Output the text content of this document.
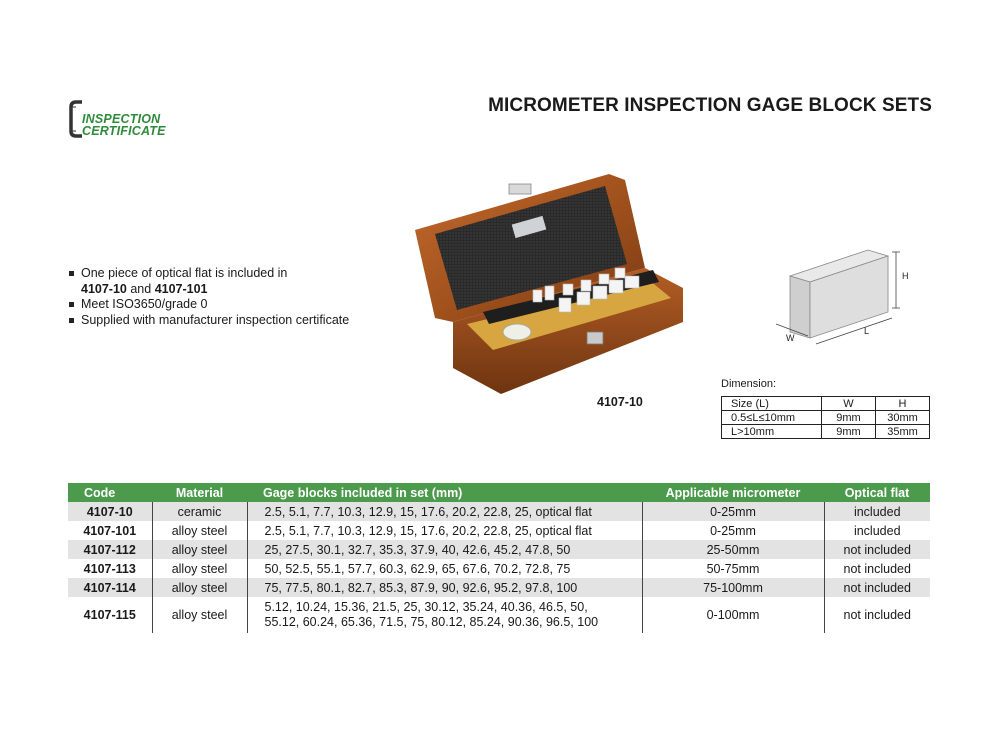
INSPECTION
CERTIFICATE
MICROMETER INSPECTION GAGE BLOCK SETS
One piece of optical flat is included in
4107-10 and 4107-101
Meet ISO3650/grade 0
Supplied with manufacturer inspection certificate
4107-10
H
L
W
Dimension:
Size (L)	W	H
0.5≤L≤10mm	9mm	30mm
L>10mm	9mm	35mm
Code	Material	Gage blocks included in set (mm)	Applicable micrometer	Optical flat
4107-10	ceramic	2.5, 5.1, 7.7, 10.3, 12.9, 15, 17.6, 20.2, 22.8, 25, optical flat	0-25mm	included
4107-101	alloy steel	2.5, 5.1, 7.7, 10.3, 12.9, 15, 17.6, 20.2, 22.8, 25, optical flat	0-25mm	included
4107-112	alloy steel	25, 27.5, 30.1, 32.7, 35.3, 37.9, 40, 42.6, 45.2, 47.8, 50	25-50mm	not included
4107-113	alloy steel	50, 52.5, 55.1, 57.7, 60.3, 62.9, 65, 67.6, 70.2, 72.8, 75	50-75mm	not included
4107-114	alloy steel	75, 77.5, 80.1, 82.7, 85.3, 87.9, 90, 92.6, 95.2, 97.8, 100	75-100mm	not included
4107-115	alloy steel	5.12, 10.24, 15.36, 21.5, 25, 30.12, 35.24, 40.36, 46.5, 50,
55.12, 60.24, 65.36, 71.5, 75, 80.12, 85.24, 90.36, 96.5, 100	0-100mm	not included
